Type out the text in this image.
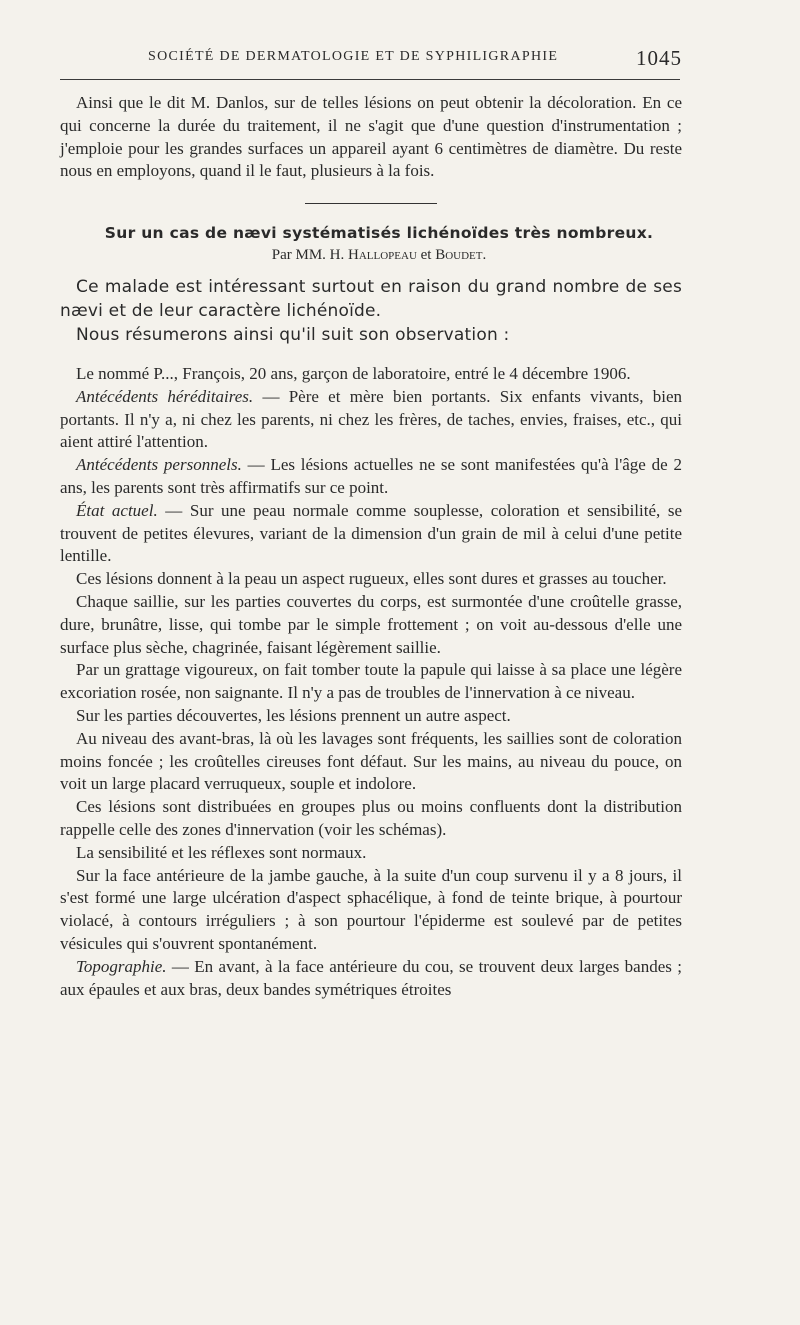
SOCIÉTÉ DE DERMATOLOGIE ET DE SYPHILIGRAPHIE	1045

Ainsi que le dit M. Danlos, sur de telles lésions on peut obtenir la décoloration. En ce qui concerne la durée du traitement, il ne s'agit que d'une question d'instrumentation ; j'emploie pour les grandes surfaces un appareil ayant 6 centimètres de diamètre. Du reste nous en employons, quand il le faut, plusieurs à la fois.

Sur un cas de nævi systématisés lichénoïdes très nombreux.

Par MM. H. Hallopeau et Boudet.

Ce malade est intéressant surtout en raison du grand nombre de ses nævi et de leur caractère lichénoïde.

Nous résumerons ainsi qu'il suit son observation :

Le nommé P..., François, 20 ans, garçon de laboratoire, entré le 4 décembre 1906.

Antécédents héréditaires. — Père et mère bien portants. Six enfants vivants, bien portants. Il n'y a, ni chez les parents, ni chez les frères, de taches, envies, fraises, etc., qui aient attiré l'attention.

Antécédents personnels. — Les lésions actuelles ne se sont manifestées qu'à l'âge de 2 ans, les parents sont très affirmatifs sur ce point.

État actuel. — Sur une peau normale comme souplesse, coloration et sensibilité, se trouvent de petites élevures, variant de la dimension d'un grain de mil à celui d'une petite lentille.

Ces lésions donnent à la peau un aspect rugueux, elles sont dures et grasses au toucher.

Chaque saillie, sur les parties couvertes du corps, est surmontée d'une croûtelle grasse, dure, brunâtre, lisse, qui tombe par le simple frottement ; on voit au-dessous d'elle une surface plus sèche, chagrinée, faisant légèrement saillie.

Par un grattage vigoureux, on fait tomber toute la papule qui laisse à sa place une légère excoriation rosée, non saignante. Il n'y a pas de troubles de l'innervation à ce niveau.

Sur les parties découvertes, les lésions prennent un autre aspect.

Au niveau des avant-bras, là où les lavages sont fréquents, les saillies sont de coloration moins foncée ; les croûtelles cireuses font défaut. Sur les mains, au niveau du pouce, on voit un large placard verruqueux, souple et indolore.

Ces lésions sont distribuées en groupes plus ou moins confluents dont la distribution rappelle celle des zones d'innervation (voir les schémas).

La sensibilité et les réflexes sont normaux.

Sur la face antérieure de la jambe gauche, à la suite d'un coup survenu il y a 8 jours, il s'est formé une large ulcération d'aspect sphacélique, à fond de teinte brique, à pourtour violacé, à contours irréguliers ; à son pourtour l'épiderme est soulevé par de petites vésicules qui s'ouvrent spontanément.

Topographie. — En avant, à la face antérieure du cou, se trouvent deux larges bandes ; aux épaules et aux bras, deux bandes symétriques étroites
